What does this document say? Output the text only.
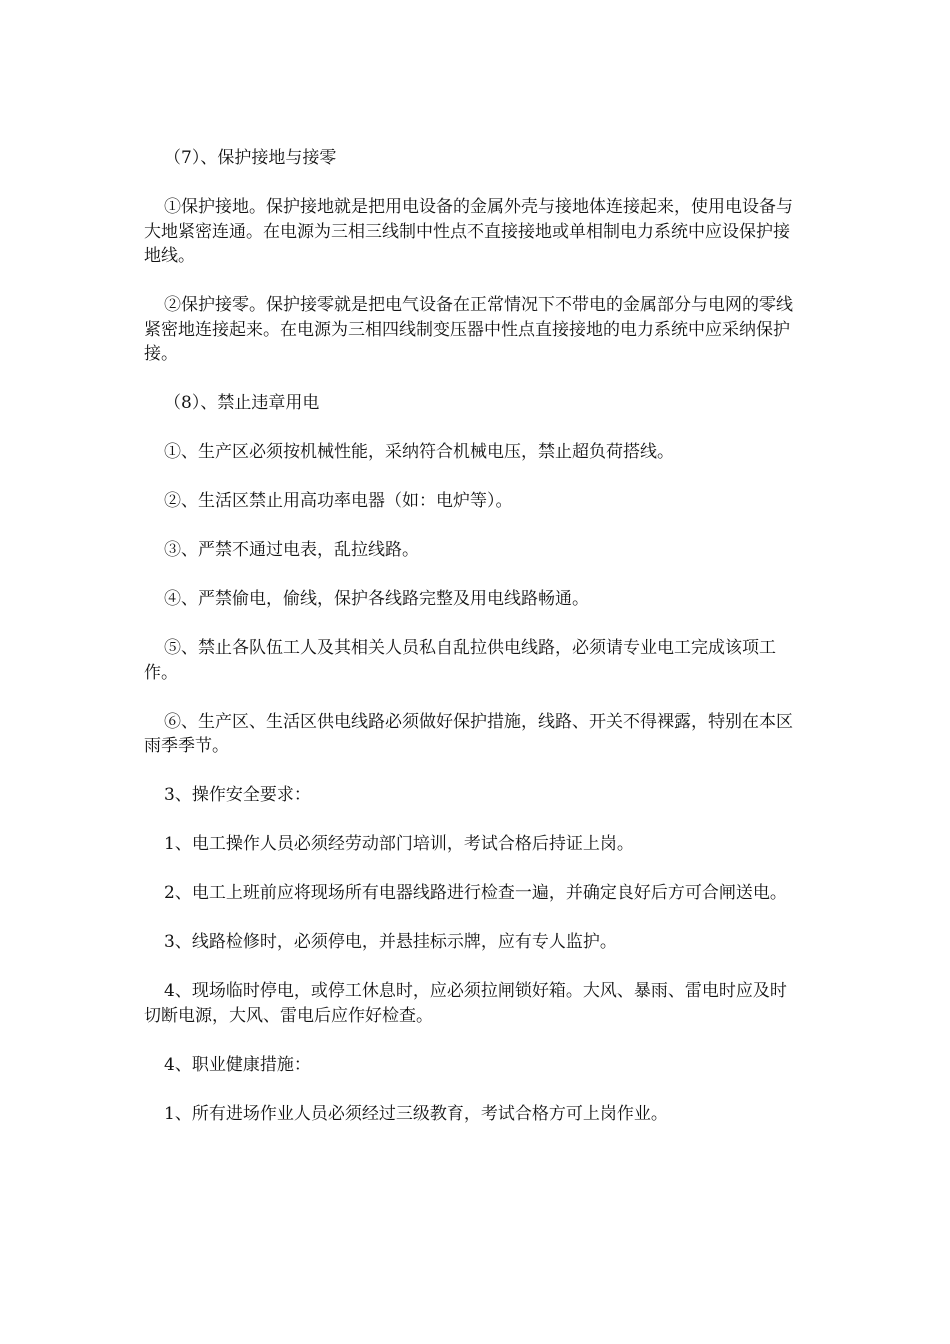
（7）、保护接地与接零

①保护接地。保护接地就是把用电设备的金属外壳与接地体连接起来，使用电设备与大地紧密连通。在电源为三相三线制中性点不直接接地或单相制电力系统中应设保护接地线。

②保护接零。保护接零就是把电气设备在正常情况下不带电的金属部分与电网的零线紧密地连接起来。在电源为三相四线制变压器中性点直接接地的电力系统中应采纳保护接。

（8）、禁止违章用电

①、生产区必须按机械性能，采纳符合机械电压，禁止超负荷搭线。

②、生活区禁止用高功率电器（如：电炉等）。

③、严禁不通过电表，乱拉线路。

④、严禁偷电，偷线，保护各线路完整及用电线路畅通。

⑤、禁止各队伍工人及其相关人员私自乱拉供电线路，必须请专业电工完成该项工作。

⑥、生产区、生活区供电线路必须做好保护措施，线路、开关不得裸露，特别在本区雨季季节。

3、操作安全要求：

1、电工操作人员必须经劳动部门培训，考试合格后持证上岗。

2、电工上班前应将现场所有电器线路进行检查一遍，并确定良好后方可合闸送电。

3、线路检修时，必须停电，并悬挂标示牌，应有专人监护。

4、现场临时停电，或停工休息时，应必须拉闸锁好箱。大风、暴雨、雷电时应及时切断电源，大风、雷电后应作好检查。

4、职业健康措施：

1、所有进场作业人员必须经过三级教育，考试合格方可上岗作业。
